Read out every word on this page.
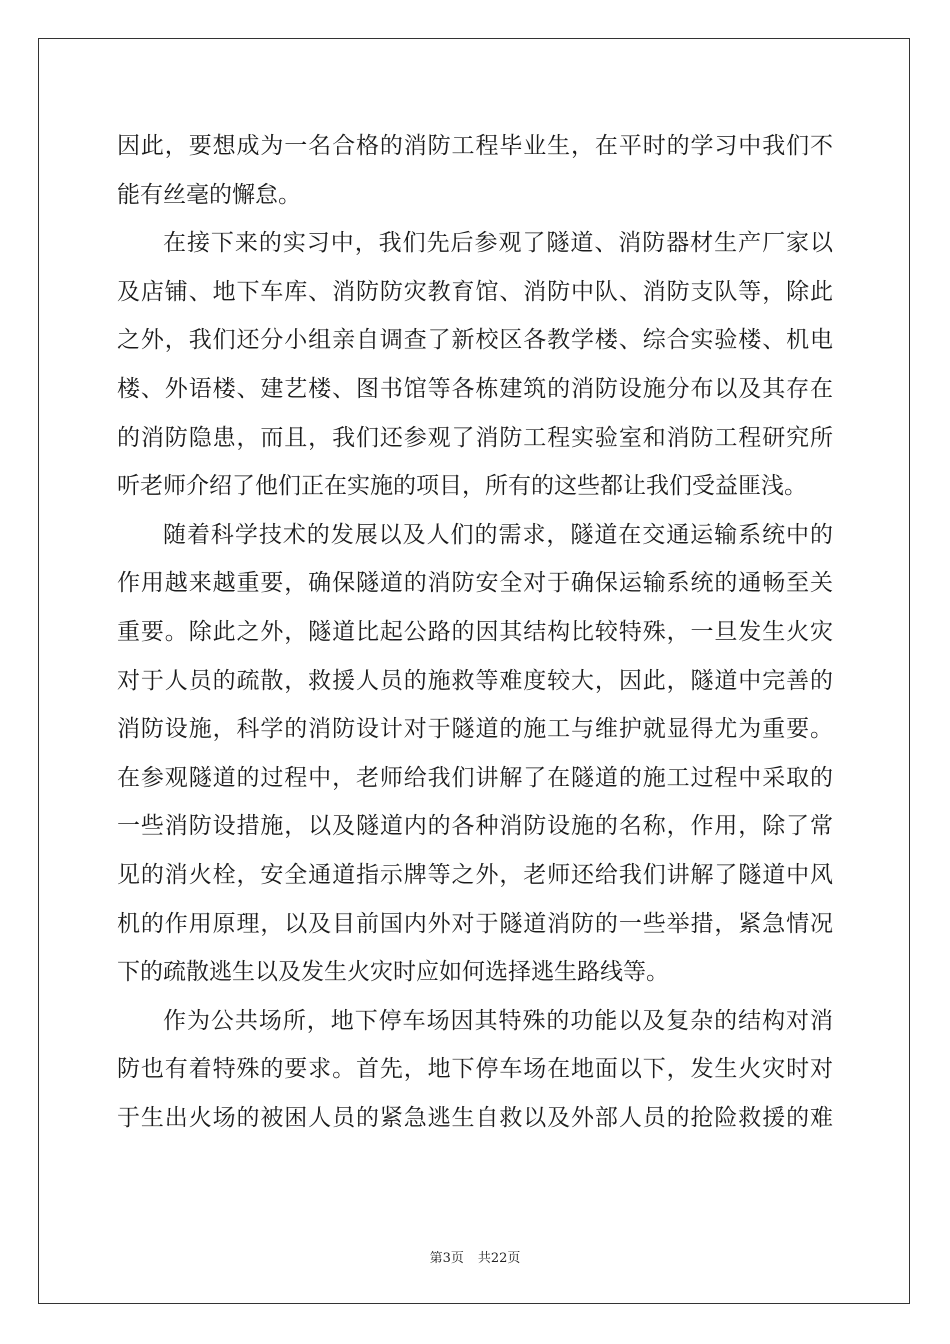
因此，要想成为一名合格的消防工程毕业生，在平时的学习中我们不
能有丝毫的懈怠。
在接下来的实习中，我们先后参观了隧道、消防器材生产厂家以
及店铺、地下车库、消防防灾教育馆、消防中队、消防支队等，除此
之外，我们还分小组亲自调查了新校区各教学楼、综合实验楼、机电
楼、外语楼、建艺楼、图书馆等各栋建筑的消防设施分布以及其存在
的消防隐患，而且，我们还参观了消防工程实验室和消防工程研究所
听老师介绍了他们正在实施的项目，所有的这些都让我们受益匪浅。
随着科学技术的发展以及人们的需求，隧道在交通运输系统中的
作用越来越重要，确保隧道的消防安全对于确保运输系统的通畅至关
重要。除此之外，隧道比起公路的因其结构比较特殊，一旦发生火灾
对于人员的疏散，救援人员的施救等难度较大，因此，隧道中完善的
消防设施，科学的消防设计对于隧道的施工与维护就显得尤为重要。
在参观隧道的过程中，老师给我们讲解了在隧道的施工过程中采取的
一些消防设措施，以及隧道内的各种消防设施的名称，作用，除了常
见的消火栓，安全通道指示牌等之外，老师还给我们讲解了隧道中风
机的作用原理，以及目前国内外对于隧道消防的一些举措，紧急情况
下的疏散逃生以及发生火灾时应如何选择逃生路线等。
作为公共场所，地下停车场因其特殊的功能以及复杂的结构对消
防也有着特殊的要求。首先，地下停车场在地面以下，发生火灾时对
于生出火场的被困人员的紧急逃生自救以及外部人员的抢险救援的难
第3页 共22页
